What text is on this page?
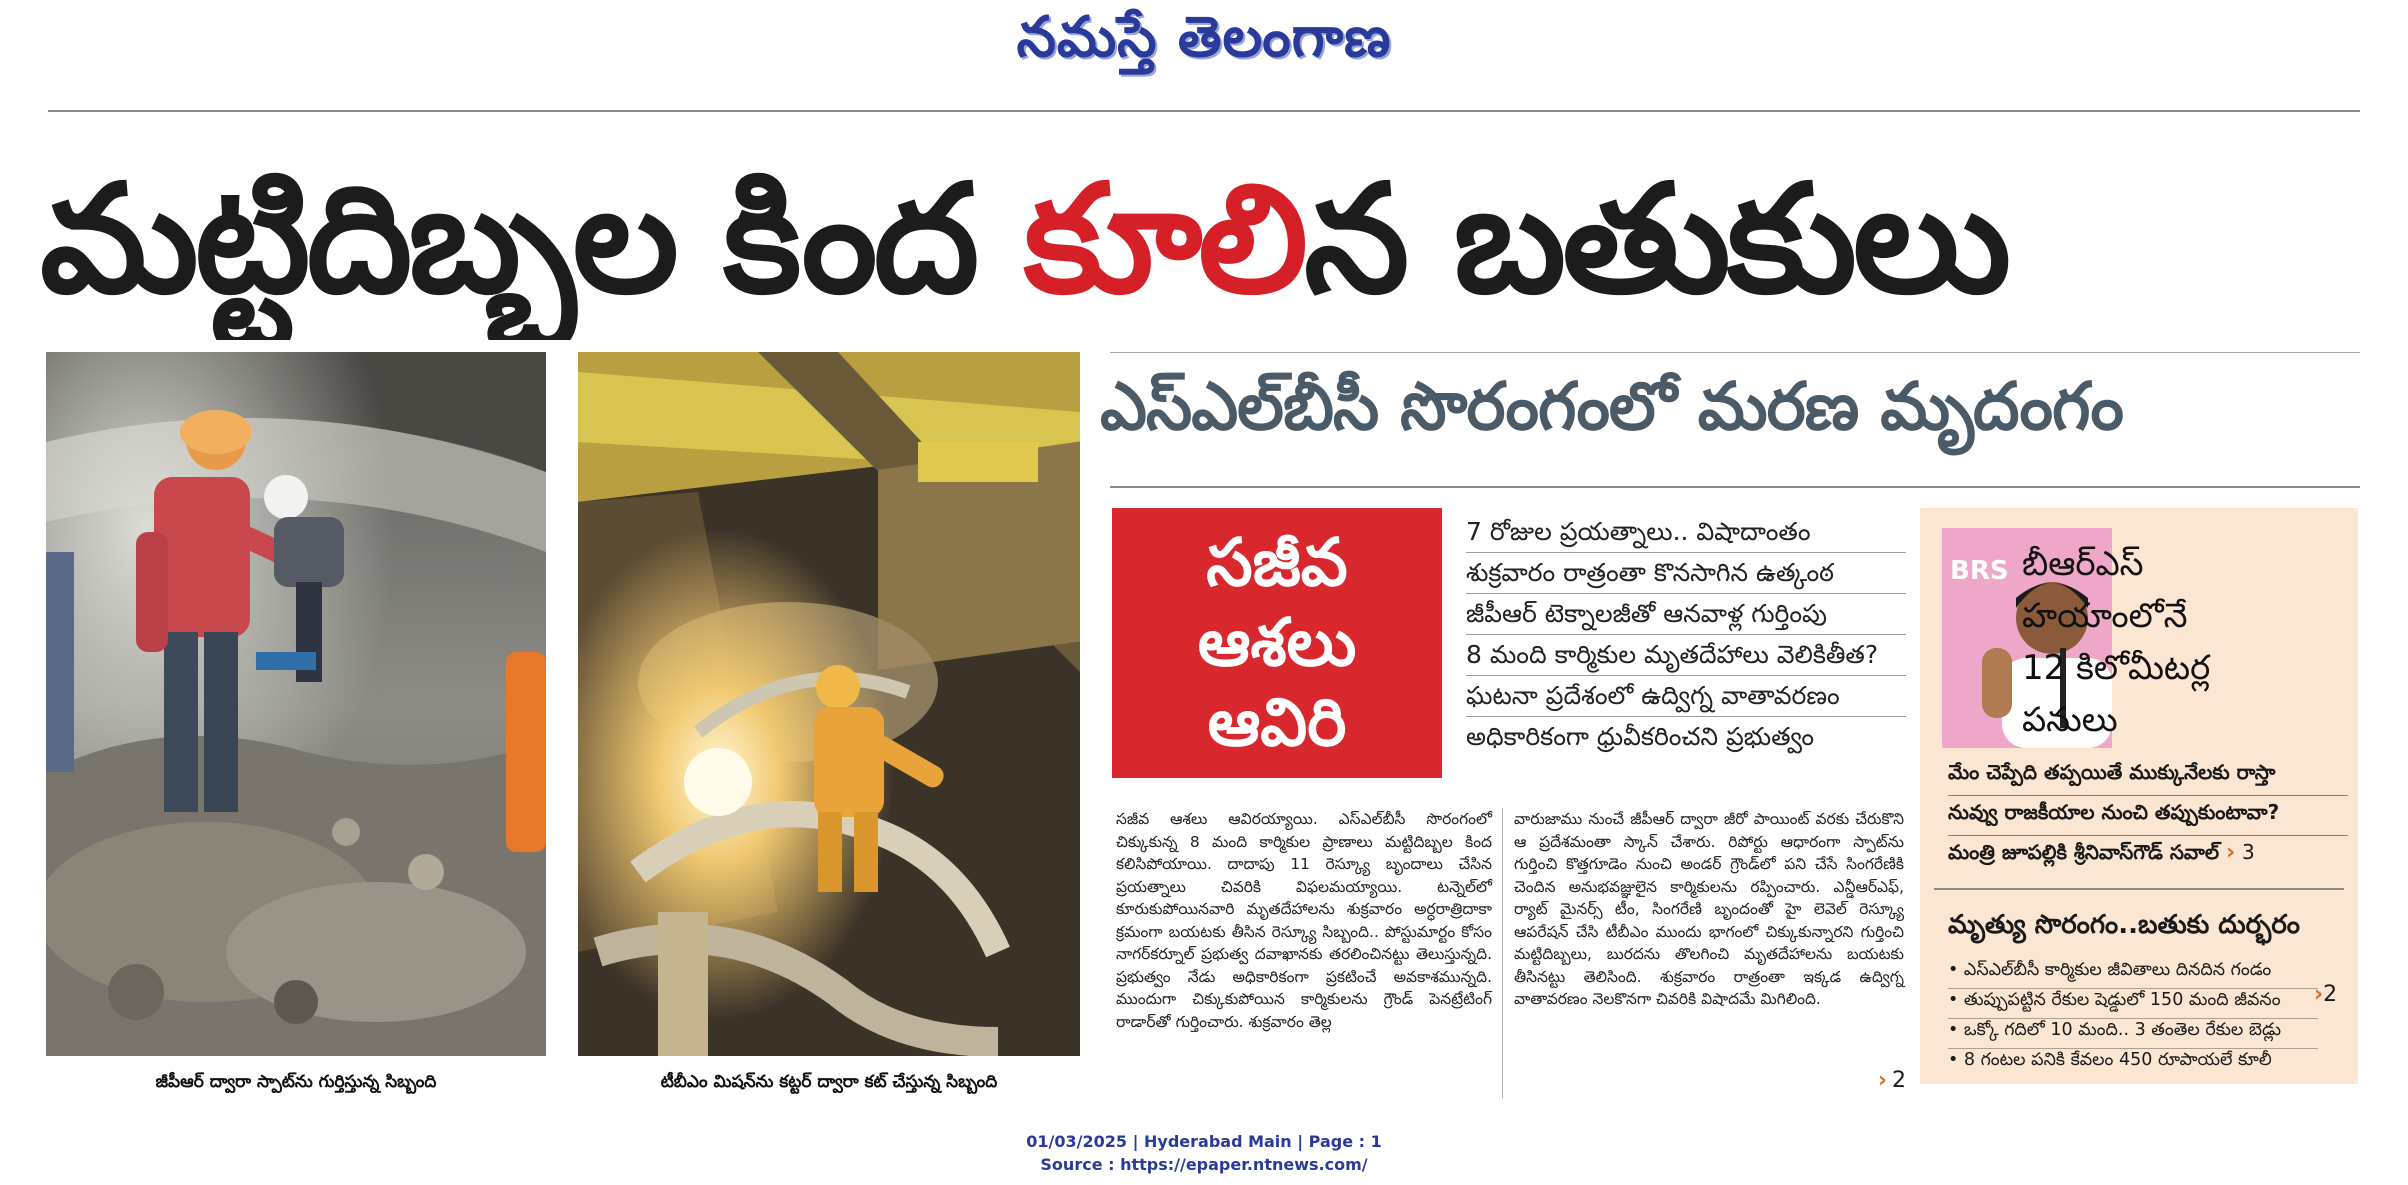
నమస్తే తెలంగాణ
మట్టిదిబ్బల కింద కూలిన బతుకులు
జీపీఆర్ ద్వారా స్పాట్‌ను గుర్తిస్తున్న సిబ్బంది	టీబీఎం మిషన్‌ను కట్టర్ ద్వారా కట్ చేస్తున్న సిబ్బంది
ఎస్ఎల్‌బీసీ సొరంగంలో మరణ మృదంగం
సజీవ
ఆశలు
ఆవిరి
7 రోజుల ప్రయత్నాలు.. విషాదాంతం
శుక్రవారం రాత్రంతా కొనసాగిన ఉత్కంఠ
జీపీఆర్ టెక్నాలజీతో ఆనవాళ్ల గుర్తింపు
8 మంది కార్మికుల మృతదేహాలు వెలికితీత?
ఘటనా ప్రదేశంలో ఉద్విగ్న వాతావరణం
అధికారికంగా ధ్రువీకరించని ప్రభుత్వం
సజీవ ఆశలు ఆవిరయ్యాయి. ఎస్ఎల్‌బీసీ సొరంగంలో చిక్కుకున్న 8 మంది కార్మికుల ప్రాణాలు మట్టిదిబ్బల కింద కలిసిపోయాయి. దాదాపు 11 రెస్క్యూ బృందాలు చేసిన ప్రయత్నాలు చివరికి విఫలమయ్యాయి. టన్నెల్‌లో కూరుకుపోయినవారి మృతదేహాలను శుక్రవారం అర్ధరాత్రిదాకా క్రమంగా బయటకు తీసిన రెస్క్యూ సిబ్బంది.. పోస్టుమార్టం కోసం నాగర్‌కర్నూల్ ప్రభుత్వ దవాఖానకు తరలించినట్టు తెలుస్తున్నది. ప్రభుత్వం నేడు అధికారికంగా ప్రకటించే అవకాశమున్నది. ముందుగా చిక్కుకుపోయిన కార్మికులను గ్రౌండ్ పెనట్రేటింగ్ రాడార్‌తో గుర్తించారు. శుక్రవారం తెల్ల
వారుజాము నుంచే జీపీఆర్ ద్వారా జీరో పాయింట్ వరకు చేరుకొని ఆ ప్రదేశమంతా స్కాన్ చేశారు. రిపోర్టు ఆధారంగా స్పాట్‌ను గుర్తించి కొత్తగూడెం నుంచి అండర్ గ్రౌండ్‌లో పని చేసే సింగరేణికి చెందిన అనుభవజ్ఞులైన కార్మికులను రప్పించారు. ఎన్డీఆర్ఎఫ్, ర్యాట్ మైనర్స్ టీం, సింగరేణి బృందంతో హై లెవెల్ రెస్క్యూ ఆపరేషన్ చేసి టీబీఎం ముందు భాగంలో చిక్కుకున్నారని గుర్తించి మట్టిదిబ్బలు, బురదను తొలగించి మృతదేహాలను బయటకు తీసినట్టు తెలిసింది. శుక్రవారం రాత్రంతా ఇక్కడ ఉద్విగ్న వాతావరణం నెలకొనగా చివరికి విషాదమే మిగిలింది.
› 2
BRS బీఆర్ఎస్
హయాంలోనే
12 కిలోమీటర్ల
పనులు
మేం చెప్పేది తప్పయితే ముక్కునేలకు రాస్తా
నువ్వు రాజకీయాల నుంచి తప్పుకుంటావా?
మంత్రి జూపల్లికి శ్రీనివాస్‌గౌడ్ సవాల్ › 3
మృత్యు సొరంగం..బతుకు దుర్భరం
• ఎస్ఎల్‌బీసీ కార్మికుల జీవితాలు దినదిన గండం
• తుప్పుపట్టిన రేకుల షెడ్డులో 150 మంది జీవనం
• ఒక్కో గదిలో 10 మంది.. 3 తంతెల రేకుల బెడ్లు
• 8 గంటల పనికి కేవలం 450 రూపాయలే కూలీ
›2
01/03/2025 | Hyderabad Main | Page : 1
Source : https://epaper.ntnews.com/
